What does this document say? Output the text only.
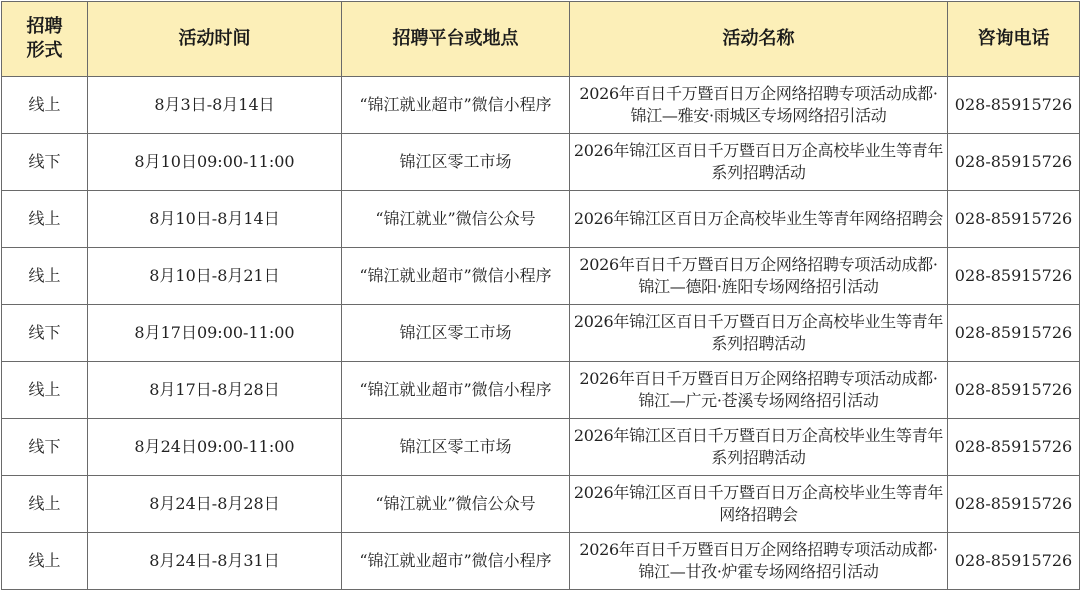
招聘形式	活动时间	招聘平台或地点	活动名称	咨询电话
线上	8月3日-8月14日	“锦江就业超市”微信小程序	2026年百日千万暨百日万企网络招聘专项活动成都·锦江—雅安·雨城区专场网络招引活动	028-85915726
线下	8月10日09:00-11:00	锦江区零工市场	2026年锦江区百日千万暨百日万企高校毕业生等青年系列招聘活动	028-85915726
线上	8月10日-8月14日	“锦江就业”微信公众号	2026年锦江区百日万企高校毕业生等青年网络招聘会	028-85915726
线上	8月10日-8月21日	“锦江就业超市”微信小程序	2026年百日千万暨百日万企网络招聘专项活动成都·锦江—德阳·旌阳专场网络招引活动	028-85915726
线下	8月17日09:00-11:00	锦江区零工市场	2026年锦江区百日千万暨百日万企高校毕业生等青年系列招聘活动	028-85915726
线上	8月17日-8月28日	“锦江就业超市”微信小程序	2026年百日千万暨百日万企网络招聘专项活动成都·锦江—广元·苍溪专场网络招引活动	028-85915726
线下	8月24日09:00-11:00	锦江区零工市场	2026年锦江区百日千万暨百日万企高校毕业生等青年系列招聘活动	028-85915726
线上	8月24日-8月28日	“锦江就业”微信公众号	2026年锦江区百日千万暨百日万企高校毕业生等青年网络招聘会	028-85915726
线上	8月24日-8月31日	“锦江就业超市”微信小程序	2026年百日千万暨百日万企网络招聘专项活动成都·锦江—甘孜·炉霍专场网络招引活动	028-85915726
